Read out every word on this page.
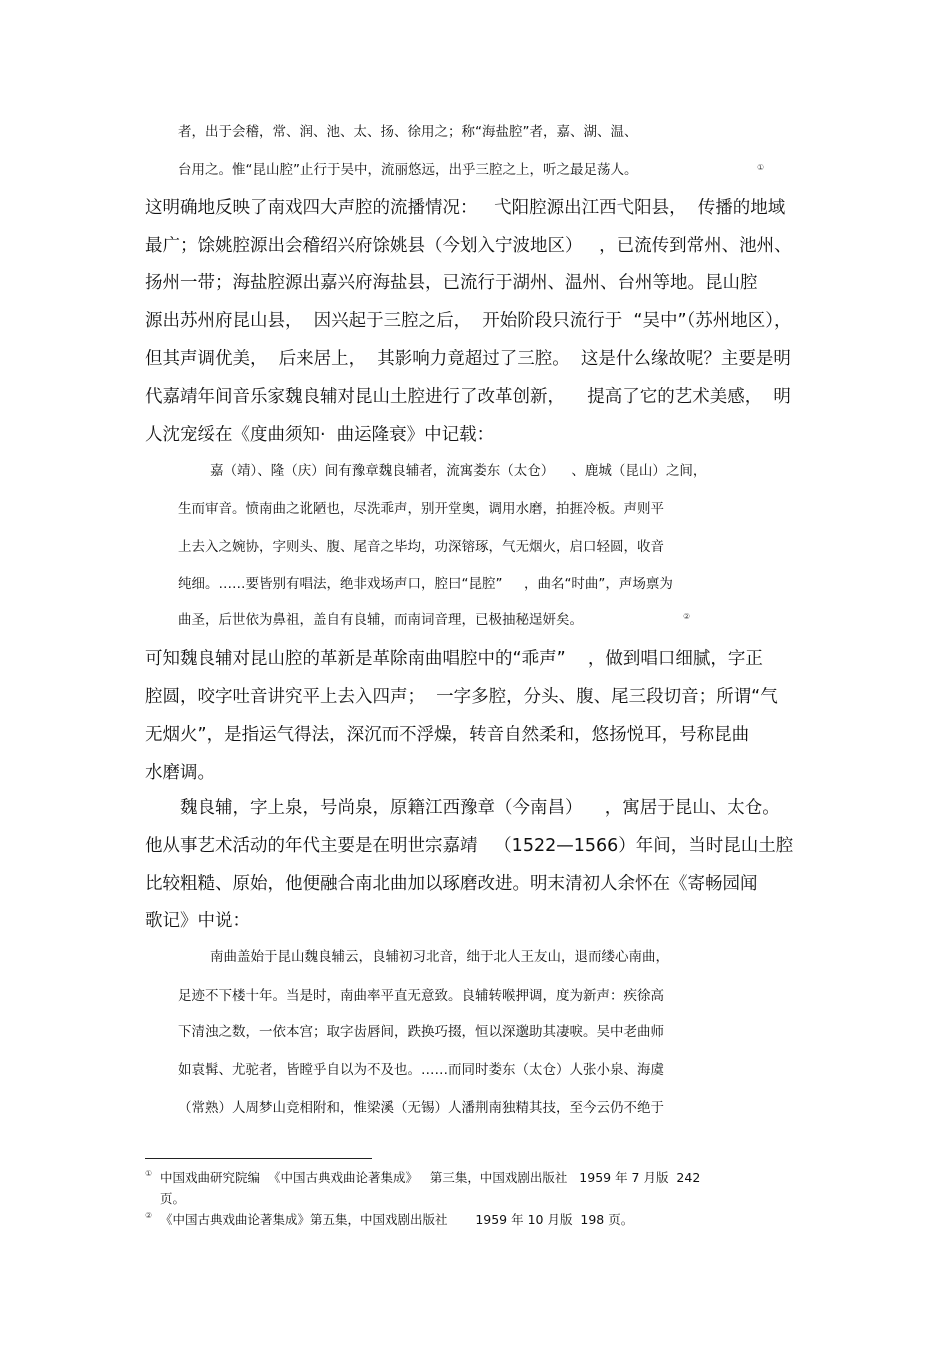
者，出于会稽，常、润、池、太、扬、徐用之；称“海盐腔”者，嘉、湖、温、
台用之。惟“昆山腔”止行于吴中，流丽悠远，出乎三腔之上，听之最足荡人。	①
这明确地反映了南戏四大声腔的流播情况：   弋阳腔源出江西弋阳县，  传播的地域
最广；馀姚腔源出会稽绍兴府馀姚县（今划入宁波地区）   ，已流传到常州、池州、
扬州一带；海盐腔源出嘉兴府海盐县，已流行于湖州、温州、台州等地。昆山腔
源出苏州府昆山县，  因兴起于三腔之后，  开始阶段只流行于  “吴中”（苏州地区），
但其声调优美，  后来居上，  其影响力竟超过了三腔。  这是什么缘故呢？主要是明
代嘉靖年间音乐家魏良辅对昆山土腔进行了改革创新，    提高了它的艺术美感，  明
人沈宠绥在《度曲须知·  曲运隆衰》中记载：
嘉（靖）、隆（庆）间有豫章魏良辅者，流寓娄东（太仓）    、鹿城（昆山）之间，
生而审音。愤南曲之讹陋也，尽洗乖声，别开堂奥，调用水磨，拍捱冷板。声则平
上去入之婉协，字则头、腹、尾音之毕均，功深镕琢，气无烟火，启口轻圆，收音
纯细。……要皆别有唱法，绝非戏场声口，腔曰“昆腔”     ，曲名“时曲”，声场禀为
曲圣，后世依为鼻祖，盖自有良辅，而南词音理，已极抽秘逞妍矣。	②
可知魏良辅对昆山腔的革新是革除南曲唱腔中的“乖声”    ，做到唱口细腻，字正
腔圆，咬字吐音讲究平上去入四声；  一字多腔，分头、腹、尾三段切音；所谓“气
无烟火”，是指运气得法，深沉而不浮燥，转音自然柔和，悠扬悦耳，号称昆曲
水磨调。
魏良辅，字上泉，号尚泉，原籍江西豫章（今南昌）    ，寓居于昆山、太仓。
他从事艺术活动的年代主要是在明世宗嘉靖   （1522—1566）年间，当时昆山土腔
比较粗糙、原始，他便融合南北曲加以琢磨改进。明末清初人余怀在《寄畅园闻
歌记》中说：
南曲盖始于昆山魏良辅云，良辅初习北音，绌于北人王友山，退而缕心南曲，
足迹不下楼十年。当是时，南曲率平直无意致。良辅转喉押调，度为新声：疾徐高
下清浊之数，一依本宫；取字齿唇间，跌换巧掇，恒以深邈助其凄唳。吴中老曲师
如袁髯、尤驼者，皆瞠乎自以为不及也。……而同时娄东（太仓）人张小泉、海虞
（常熟）人周梦山竞相附和，惟梁溪（无锡）人潘荆南独精其技，至今云仍不绝于
① 中国戏曲研究院编  《中国古典戏曲论著集成》   第三集，中国戏剧出版社   1959 年 7 月版  242
页。
② 《中国古典戏曲论著集成》第五集，中国戏剧出版社       1959 年 10 月版  198 页。
